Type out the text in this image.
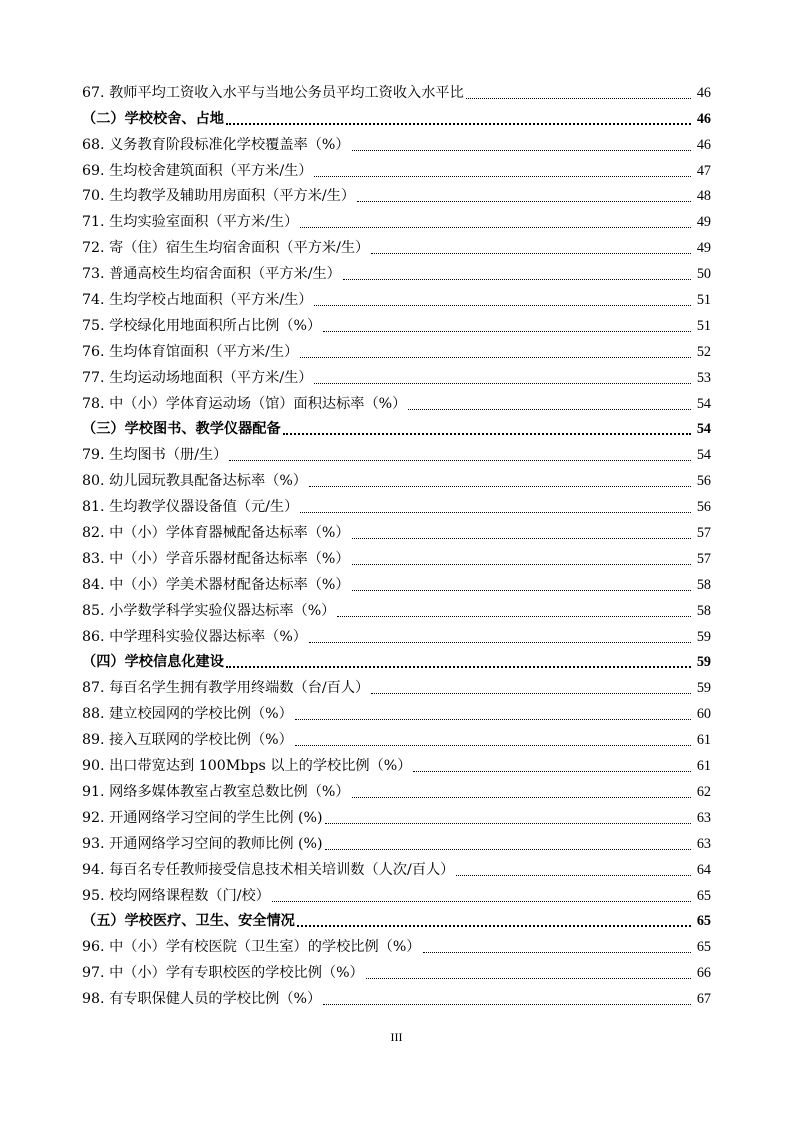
67. 教师平均工资收入水平与当地公务员平均工资收入水平比	46
（二）学校校舍、占地	46
68. 义务教育阶段标准化学校覆盖率（%）	46
69. 生均校舍建筑面积（平方米/生）	47
70. 生均教学及辅助用房面积（平方米/生）	48
71. 生均实验室面积（平方米/生）	49
72. 寄（住）宿生生均宿舍面积（平方米/生）	49
73. 普通高校生均宿舍面积（平方米/生）	50
74. 生均学校占地面积（平方米/生）	51
75. 学校绿化用地面积所占比例（%）	51
76. 生均体育馆面积（平方米/生）	52
77. 生均运动场地面积（平方米/生）	53
78. 中（小）学体育运动场（馆）面积达标率（%）	54
（三）学校图书、教学仪器配备	54
79. 生均图书（册/生）	54
80. 幼儿园玩教具配备达标率（%）	56
81. 生均教学仪器设备值（元/生）	56
82. 中（小）学体育器械配备达标率（%）	57
83. 中（小）学音乐器材配备达标率（%）	57
84. 中（小）学美术器材配备达标率（%）	58
85. 小学数学科学实验仪器达标率（%）	58
86. 中学理科实验仪器达标率（%）	59
（四）学校信息化建设	59
87. 每百名学生拥有教学用终端数（台/百人）	59
88. 建立校园网的学校比例（%）	60
89. 接入互联网的学校比例（%）	61
90. 出口带宽达到 100Mbps 以上的学校比例（%）	61
91. 网络多媒体教室占教室总数比例（%）	62
92. 开通网络学习空间的学生比例 (%)	63
93. 开通网络学习空间的教师比例 (%)	63
94. 每百名专任教师接受信息技术相关培训数（人次/百人）	64
95. 校均网络课程数（门/校）	65
（五）学校医疗、卫生、安全情况	65
96. 中（小）学有校医院（卫生室）的学校比例（%）	65
97. 中（小）学有专职校医的学校比例（%）	66
98. 有专职保健人员的学校比例（%）	67
III
